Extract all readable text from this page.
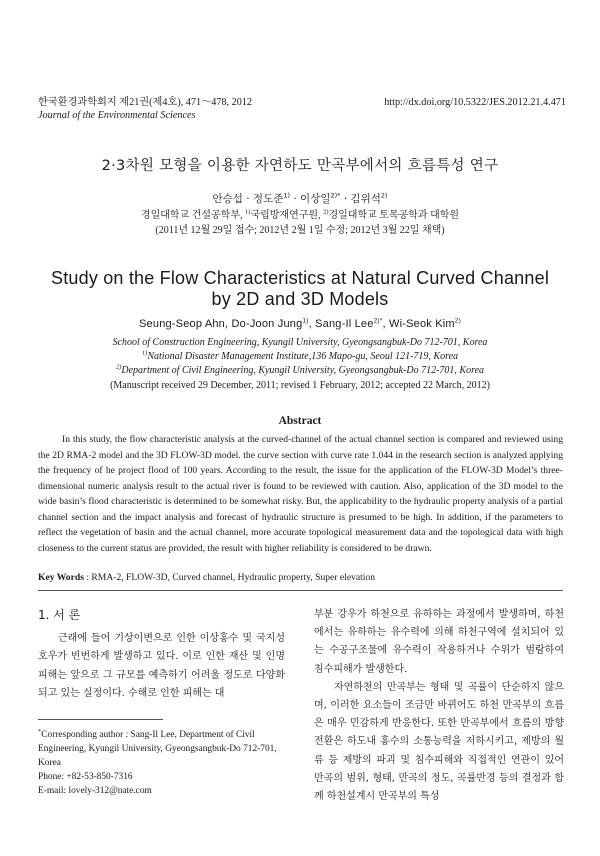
한국환경과학회지 제21권(제4호), 471～478, 2012
Journal of the Environmental Sciences
http://dx.doi.org/10.5322/JES.2012.21.4.471
2·3차원 모형을 이용한 자연하도 만곡부에서의 흐름특성 연구
안승섭 · 정도준$^{1)}$ · 이상일$^{2)*}$ · 김위석$^{2)}$
경일대학교 건설공학부, $^{1)}$국립방재연구원, $^{2)}$경일대학교 토목공학과 대학원
(2011년 12월 29일 접수; 2012년 2월 1일 수정; 2012년 3월 22일 채택)
Study on the Flow Characteristics at Natural Curved Channel
by 2D and 3D Models
Seung-Seop Ahn, Do-Joon Jung$^{1)}$, Sang-Il Lee$^{2)*}$, Wi-Seok Kim$^{2)}$
School of Construction Engineering, Kyungil University, Gyeongsangbuk-Do 712-701, Korea
$^{1)}$National Disaster Management Institute,136 Mapo-gu, Seoul 121-719, Korea
$^{2)}$Department of Civil Engineering, Kyungil University, Gyeongsangbuk-Do 712-701, Korea
(Manuscript received 29 December, 2011; revised 1 February, 2012; accepted 22 March, 2012)
Abstract
In this study, the flow characteristic analysis at the curved-channel of the actual channel section is compared and reviewed using the 2D RMA-2 model and the 3D FLOW-3D model. the curve section with curve rate 1.044 in the research section is analyzed applying the frequency of he project flood of 100 years. According to the result, the issue for the application of the FLOW-3D Model’s three-dimensional numeric analysis result to the actual river is found to be reviewed with caution. Also, application of the 3D model to the wide basin’s flood characteristic is determined to be somewhat risky. But, the applicability to the hydraulic property analysis of a partial channel section and the impact analysis and forecast of hydraulic structure is presumed to be high. In addition, if the parameters to reflect the vegetation of basin and the actual channel, more accurate topological measurement data and the topological data with high closeness to the current status are provided, the result with higher reliability is considered to be drawn.
Key Words : RMA-2, FLOW-3D, Curved channel, Hydraulic property, Super elevation
1. 서 론

근래에 들어 기상이변으로 인한 이상홍수 및 국지성호우가 빈번하게 발생하고 있다. 이로 인한 재산 및 인명피해는 앞으로 그 규모를 예측하기 어려울 정도로 다양화되고 있는 실정이다. 수해로 인한 피해는 대

*Corresponding author : Sang-Il Lee, Department of Civil Engineering, Kyungil University, Gyeongsangbuk-Do 712-701, Korea
Phone: +82-53-850-7316
E-mail: lovely-312@nate.com

부분 강우가 하천으로 유하하는 과정에서 발생하며, 하천에서는 유하하는 유수력에 의해 하천구역에 설치되어 있는 수공구조물에 유수력이 작용하거나 수위가 범람하여 침수피해가 발생한다.

자연하천의 만곡부는 형태 및 곡률이 단순하지 않으며, 이러한 요소들이 조금만 바뀌어도 하천 만곡부의 흐름은 매우 민감하게 반응한다. 또한 만곡부에서 흐름의 방향전환은 하도내 홍수의 소통능력을 저하시키고, 제방의 월류 등 제방의 파괴 및 침수피해와 직접적인 연관이 있어 만곡의 범위, 형태, 만곡의 정도, 곡률반경 등의 결정과 함께 하천설계시 만곡부의 특성
